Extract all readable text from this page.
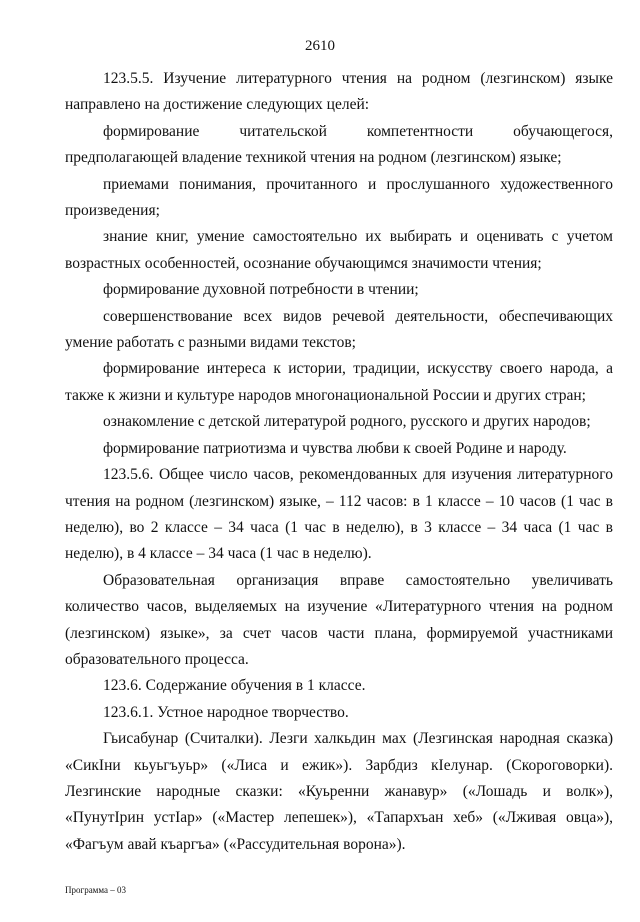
2610

123.5.5. Изучение литературного чтения на родном (лезгинском) языке направлено на достижение следующих целей:

формирование читательской компетентности обучающегося, предполагающей владение техникой чтения на родном (лезгинском) языке;

приемами понимания, прочитанного и прослушанного художественного произведения;

знание книг, умение самостоятельно их выбирать и оценивать с учетом возрастных особенностей, осознание обучающимся значимости чтения;

формирование духовной потребности в чтении;

совершенствование всех видов речевой деятельности, обеспечивающих умение работать с разными видами текстов;

формирование интереса к истории, традиции, искусству своего народа, а также к жизни и культуре народов многонациональной России и других стран;

ознакомление с детской литературой родного, русского и других народов;

формирование патриотизма и чувства любви к своей Родине и народу.

123.5.6. Общее число часов, рекомендованных для изучения литературного чтения на родном (лезгинском) языке, – 112 часов: в 1 классе – 10 часов (1 час в неделю), во 2 классе – 34 часа (1 час в неделю), в 3 классе – 34 часа (1 час в неделю), в 4 классе – 34 часа (1 час в неделю).

Образовательная организация вправе самостоятельно увеличивать количество часов, выделяемых на изучение «Литературного чтения на родном (лезгинском) языке», за счет часов части плана, формируемой участниками образовательного процесса.

123.6. Содержание обучения в 1 классе.

123.6.1. Устное народное творчество.

Гьисабунар (Считалки). Лезги халкьдин мах (Лезгинская народная сказка) «СикIни кьуьгъуьр» («Лиса и ежик»). Зарбдиз кIелунар. (Скороговорки). Лезгинские народные сказки: «Куьренни жанавур» («Лошадь и волк»), «ПунутIрин устIар» («Мастер лепешек»), «Тапархъан хеб» («Лживая овца»), «Фагъум авай къаргъа» («Рассудительная ворона»).

Программа – 03
